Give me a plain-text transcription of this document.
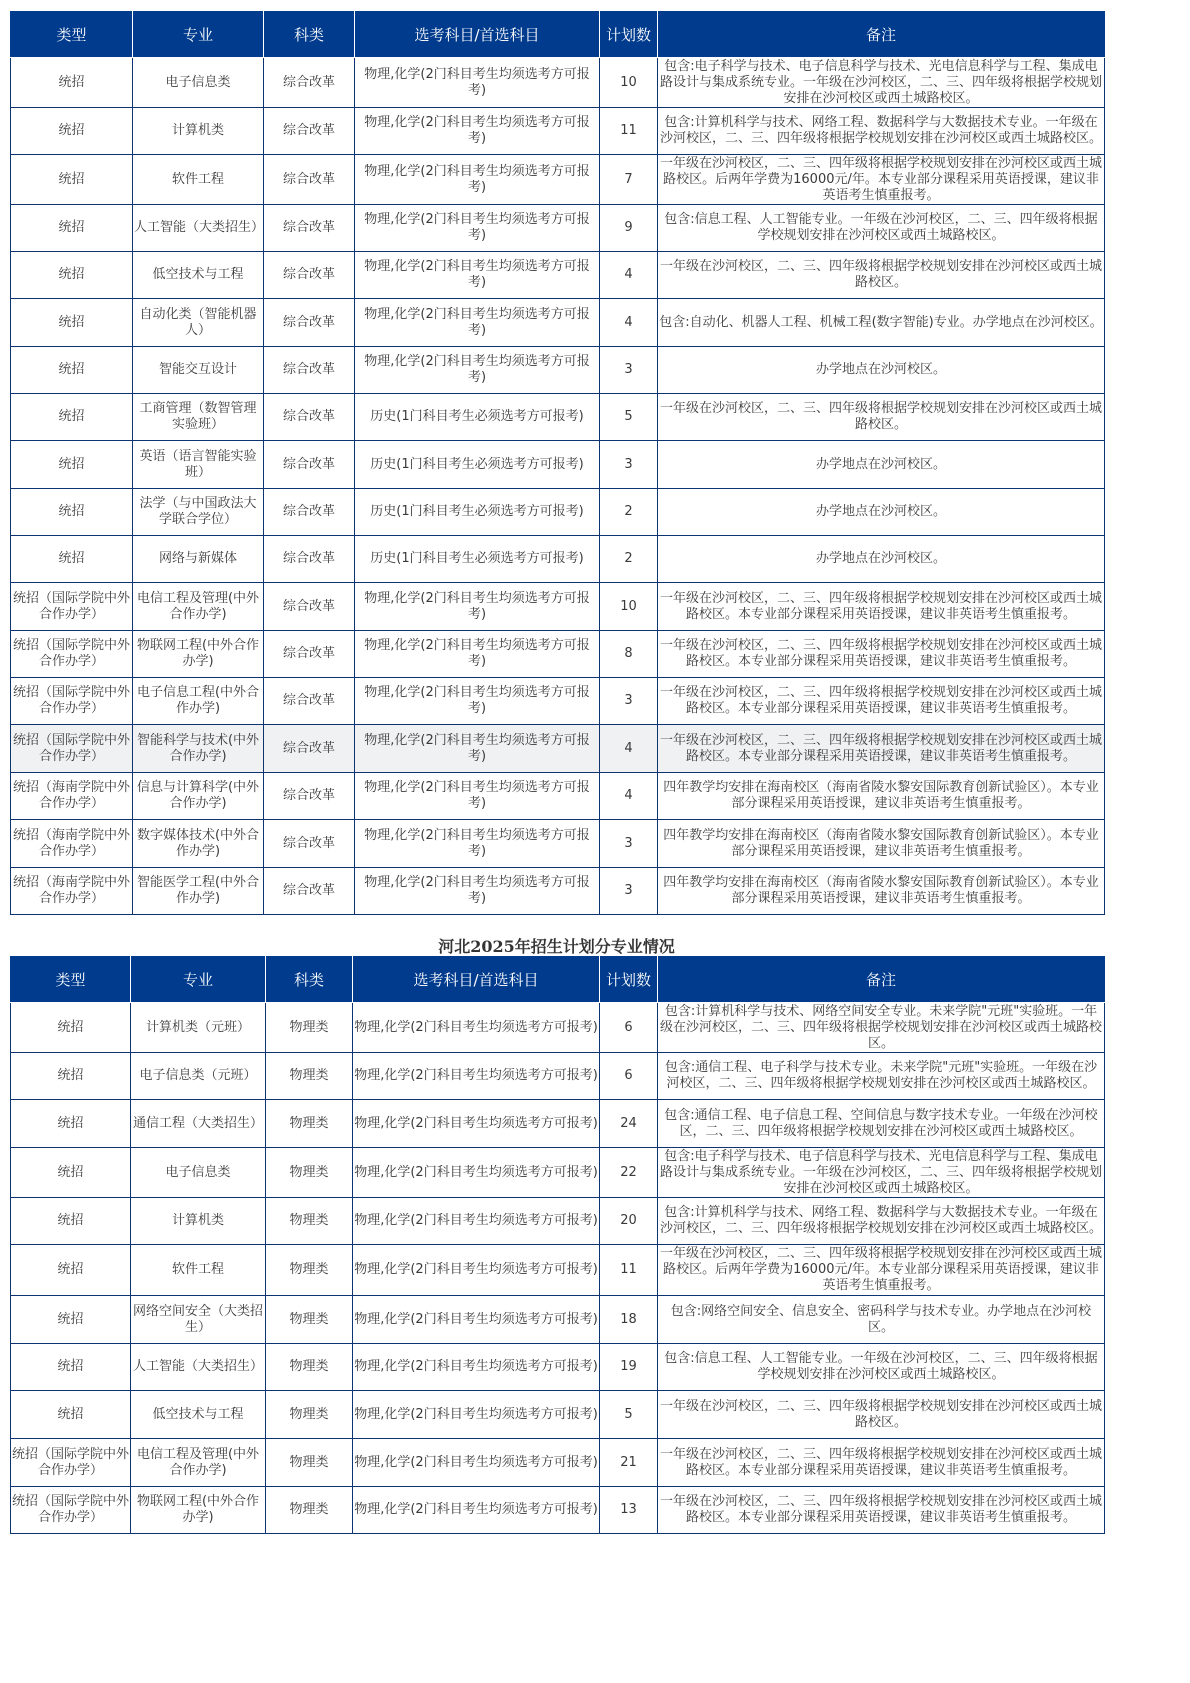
类型	专业	科类	选考科目/首选科目	计划数	备注
统招	电子信息类	综合改革	物理,化学(2门科目考生均须选考方可报考)	10	包含:电子科学与技术、电子信息科学与技术、光电信息科学与工程、集成电路设计与集成系统专业。一年级在沙河校区，二、三、四年级将根据学校规划安排在沙河校区或西土城路校区。
统招	计算机类	综合改革	物理,化学(2门科目考生均须选考方可报考)	11	包含:计算机科学与技术、网络工程、数据科学与大数据技术专业。一年级在沙河校区，二、三、四年级将根据学校规划安排在沙河校区或西土城路校区。
统招	软件工程	综合改革	物理,化学(2门科目考生均须选考方可报考)	7	一年级在沙河校区，二、三、四年级将根据学校规划安排在沙河校区或西土城路校区。后两年学费为16000元/年。本专业部分课程采用英语授课，建议非英语考生慎重报考。
统招	人工智能（大类招生）	综合改革	物理,化学(2门科目考生均须选考方可报考)	9	包含:信息工程、人工智能专业。一年级在沙河校区，二、三、四年级将根据学校规划安排在沙河校区或西土城路校区。
统招	低空技术与工程	综合改革	物理,化学(2门科目考生均须选考方可报考)	4	一年级在沙河校区，二、三、四年级将根据学校规划安排在沙河校区或西土城路校区。
统招	自动化类（智能机器人）	综合改革	物理,化学(2门科目考生均须选考方可报考)	4	包含:自动化、机器人工程、机械工程(数字智能)专业。办学地点在沙河校区。
统招	智能交互设计	综合改革	物理,化学(2门科目考生均须选考方可报考)	3	办学地点在沙河校区。
统招	工商管理（数智管理实验班）	综合改革	历史(1门科目考生必须选考方可报考)	5	一年级在沙河校区，二、三、四年级将根据学校规划安排在沙河校区或西土城路校区。
统招	英语（语言智能实验班）	综合改革	历史(1门科目考生必须选考方可报考)	3	办学地点在沙河校区。
统招	法学（与中国政法大学联合学位）	综合改革	历史(1门科目考生必须选考方可报考)	2	办学地点在沙河校区。
统招	网络与新媒体	综合改革	历史(1门科目考生必须选考方可报考)	2	办学地点在沙河校区。
统招（国际学院中外合作办学）	电信工程及管理(中外合作办学)	综合改革	物理,化学(2门科目考生均须选考方可报考)	10	一年级在沙河校区，二、三、四年级将根据学校规划安排在沙河校区或西土城路校区。本专业部分课程采用英语授课，建议非英语考生慎重报考。
统招（国际学院中外合作办学）	物联网工程(中外合作办学)	综合改革	物理,化学(2门科目考生均须选考方可报考)	8	一年级在沙河校区，二、三、四年级将根据学校规划安排在沙河校区或西土城路校区。本专业部分课程采用英语授课，建议非英语考生慎重报考。
统招（国际学院中外合作办学）	电子信息工程(中外合作办学)	综合改革	物理,化学(2门科目考生均须选考方可报考)	3	一年级在沙河校区，二、三、四年级将根据学校规划安排在沙河校区或西土城路校区。本专业部分课程采用英语授课，建议非英语考生慎重报考。
统招（国际学院中外合作办学）	智能科学与技术(中外合作办学)	综合改革	物理,化学(2门科目考生均须选考方可报考)	4	一年级在沙河校区，二、三、四年级将根据学校规划安排在沙河校区或西土城路校区。本专业部分课程采用英语授课，建议非英语考生慎重报考。
统招（海南学院中外合作办学）	信息与计算科学(中外合作办学)	综合改革	物理,化学(2门科目考生均须选考方可报考)	4	四年教学均安排在海南校区（海南省陵水黎安国际教育创新试验区）。本专业部分课程采用英语授课，建议非英语考生慎重报考。
统招（海南学院中外合作办学）	数字媒体技术(中外合作办学)	综合改革	物理,化学(2门科目考生均须选考方可报考)	3	四年教学均安排在海南校区（海南省陵水黎安国际教育创新试验区）。本专业部分课程采用英语授课，建议非英语考生慎重报考。
统招（海南学院中外合作办学）	智能医学工程(中外合作办学)	综合改革	物理,化学(2门科目考生均须选考方可报考)	3	四年教学均安排在海南校区（海南省陵水黎安国际教育创新试验区）。本专业部分课程采用英语授课，建议非英语考生慎重报考。
河北2025年招生计划分专业情况
类型	专业	科类	选考科目/首选科目	计划数	备注
统招	计算机类（元班）	物理类	物理,化学(2门科目考生均须选考方可报考)	6	包含:计算机科学与技术、网络空间安全专业。未来学院"元班"实验班。一年级在沙河校区，二、三、四年级将根据学校规划安排在沙河校区或西土城路校区。
统招	电子信息类（元班）	物理类	物理,化学(2门科目考生均须选考方可报考)	6	包含:通信工程、电子科学与技术专业。未来学院"元班"实验班。一年级在沙河校区，二、三、四年级将根据学校规划安排在沙河校区或西土城路校区。
统招	通信工程（大类招生）	物理类	物理,化学(2门科目考生均须选考方可报考)	24	包含:通信工程、电子信息工程、空间信息与数字技术专业。一年级在沙河校区，二、三、四年级将根据学校规划安排在沙河校区或西土城路校区。
统招	电子信息类	物理类	物理,化学(2门科目考生均须选考方可报考)	22	包含:电子科学与技术、电子信息科学与技术、光电信息科学与工程、集成电路设计与集成系统专业。一年级在沙河校区，二、三、四年级将根据学校规划安排在沙河校区或西土城路校区。
统招	计算机类	物理类	物理,化学(2门科目考生均须选考方可报考)	20	包含:计算机科学与技术、网络工程、数据科学与大数据技术专业。一年级在沙河校区，二、三、四年级将根据学校规划安排在沙河校区或西土城路校区。
统招	软件工程	物理类	物理,化学(2门科目考生均须选考方可报考)	11	一年级在沙河校区，二、三、四年级将根据学校规划安排在沙河校区或西土城路校区。后两年学费为16000元/年。本专业部分课程采用英语授课，建议非英语考生慎重报考。
统招	网络空间安全（大类招生）	物理类	物理,化学(2门科目考生均须选考方可报考)	18	包含:网络空间安全、信息安全、密码科学与技术专业。办学地点在沙河校区。
统招	人工智能（大类招生）	物理类	物理,化学(2门科目考生均须选考方可报考)	19	包含:信息工程、人工智能专业。一年级在沙河校区，二、三、四年级将根据学校规划安排在沙河校区或西土城路校区。
统招	低空技术与工程	物理类	物理,化学(2门科目考生均须选考方可报考)	5	一年级在沙河校区，二、三、四年级将根据学校规划安排在沙河校区或西土城路校区。
统招（国际学院中外合作办学）	电信工程及管理(中外合作办学)	物理类	物理,化学(2门科目考生均须选考方可报考)	21	一年级在沙河校区，二、三、四年级将根据学校规划安排在沙河校区或西土城路校区。本专业部分课程采用英语授课，建议非英语考生慎重报考。
统招（国际学院中外合作办学）	物联网工程(中外合作办学)	物理类	物理,化学(2门科目考生均须选考方可报考)	13	一年级在沙河校区，二、三、四年级将根据学校规划安排在沙河校区或西土城路校区。本专业部分课程采用英语授课，建议非英语考生慎重报考。
